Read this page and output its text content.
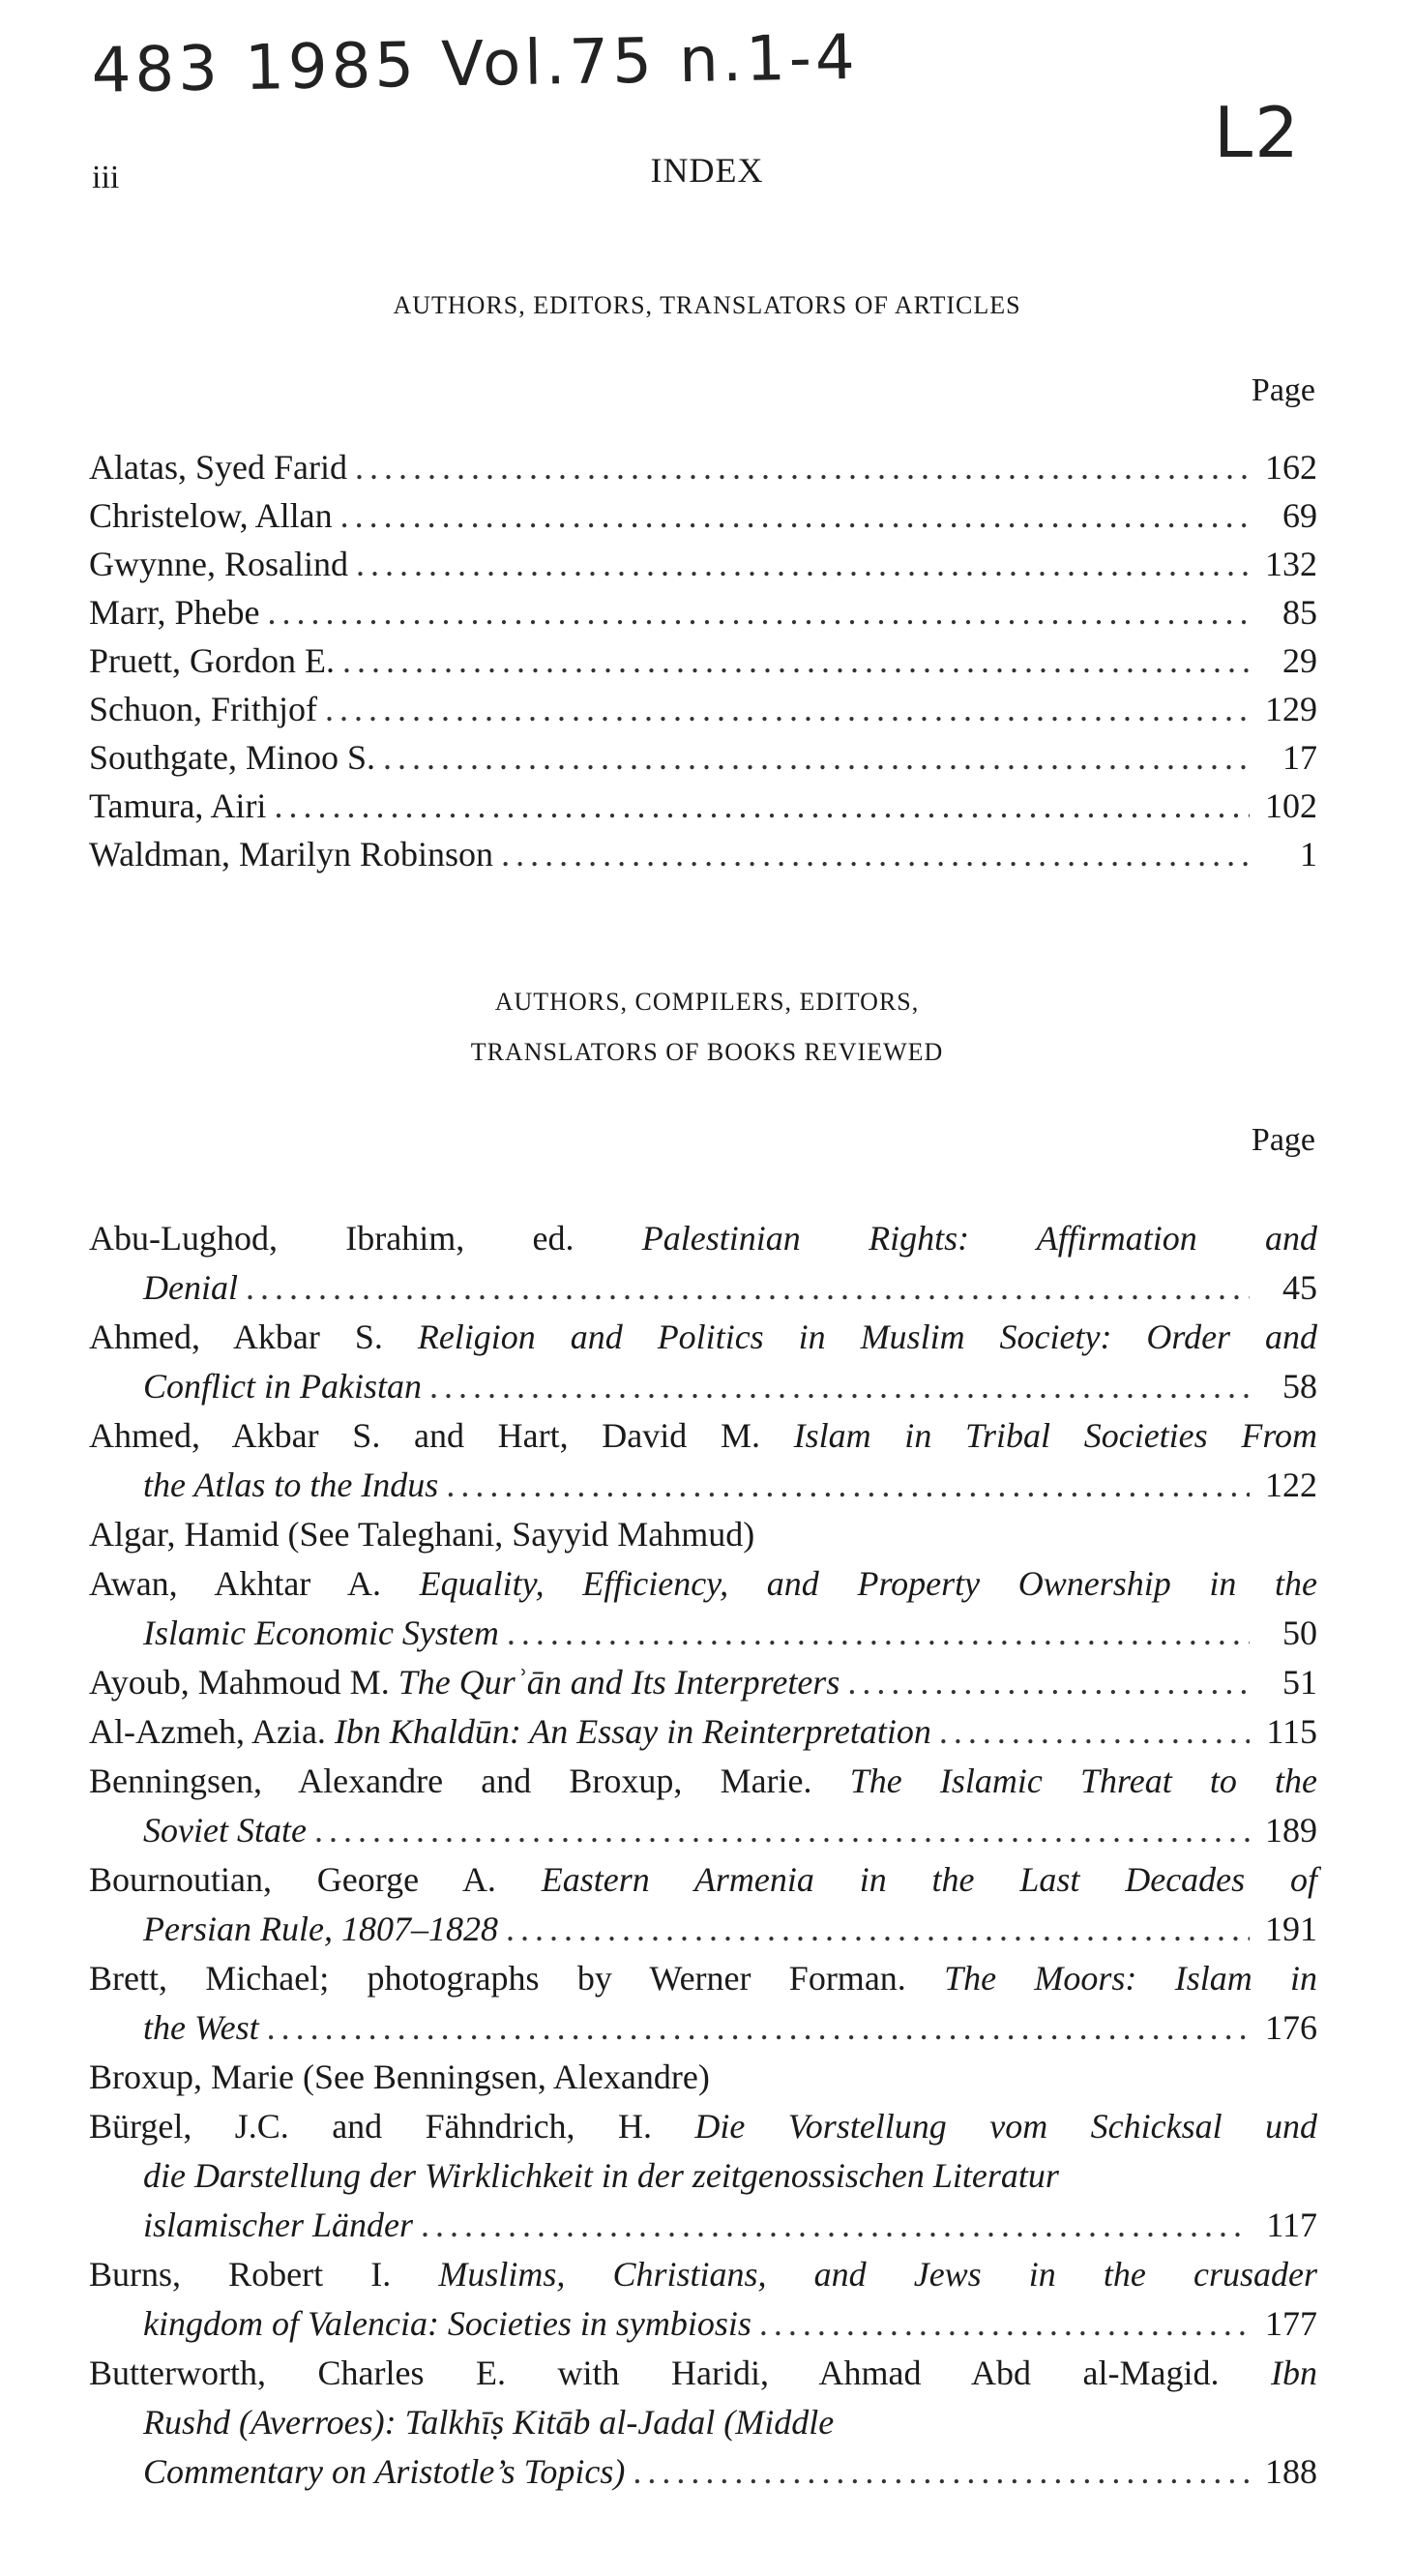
483 1985 Vol.75 n.1-4
L2
iii	INDEX
AUTHORS, EDITORS, TRANSLATORS OF ARTICLES
Page
Alatas, Syed Farid .....	162
Christelow, Allan .....	69
Gwynne, Rosalind .....	132
Marr, Phebe .....	85
Pruett, Gordon E. .....	29
Schuon, Frithjof .....	129
Southgate, Minoo S. .....	17
Tamura, Airi .....	102
Waldman, Marilyn Robinson .....	1
AUTHORS, COMPILERS, EDITORS,
TRANSLATORS OF BOOKS REVIEWED
Page
Abu-Lughod, Ibrahim, ed. Palestinian Rights: Affirmation and
Denial .....	45
Ahmed, Akbar S. Religion and Politics in Muslim Society: Order and
Conflict in Pakistan .....	58
Ahmed, Akbar S. and Hart, David M. Islam in Tribal Societies From
the Atlas to the Indus .....	122
Algar, Hamid (See Taleghani, Sayyid Mahmud)
Awan, Akhtar A. Equality, Efficiency, and Property Ownership in the
Islamic Economic System .....	50
Ayoub, Mahmoud M.
The Qurʾān and Its Interpreters .....	51
Al-Azmeh, Azia.
Ibn Khaldūn: An Essay in Reinterpretation .....	115
Benningsen, Alexandre and Broxup, Marie. The Islamic Threat to the
Soviet State .....	189
Bournoutian, George A. Eastern Armenia in the Last Decades of
Persian Rule, 1807–1828 .....	191
Brett, Michael; photographs by Werner Forman. The Moors: Islam in
the West .....	176
Broxup, Marie (See Benningsen, Alexandre)
Bürgel, J.C. and Fähndrich, H. Die Vorstellung vom Schicksal und
die Darstellung der Wirklichkeit in der zeitgenossischen Literatur
islamischer Länder .....	117
Burns, Robert I. Muslims, Christians, and Jews in the crusader
kingdom of Valencia: Societies in symbiosis .....	177
Butterworth, Charles E. with Haridi, Ahmad Abd al-Magid. Ibn
Rushd (Averroes): Talkhīṣ Kitāb al-Jadal (Middle
Commentary on Aristotle’s Topics) .....	188
